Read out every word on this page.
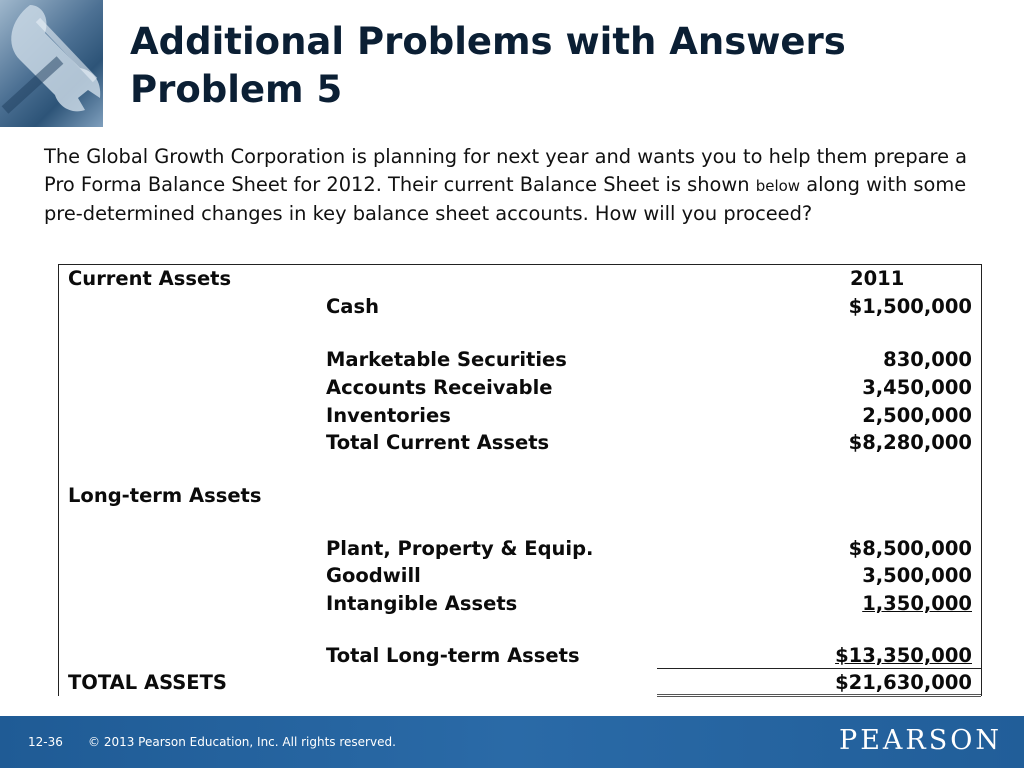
Additional Problems with Answers
Problem 5
The Global Growth Corporation is planning for next year and wants you to help them prepare a Pro Forma Balance Sheet for 2012. Their current Balance Sheet is shown below along with some pre-determined changes in key balance sheet accounts. How will you proceed?
Current Assets	2011
Cash	$1,500,000
Marketable Securities	830,000
Accounts Receivable	3,450,000
Inventories	2,500,000
Total Current Assets	$8,280,000
Long-term Assets
Plant, Property & Equip.	$8,500,000
Goodwill	3,500,000
Intangible Assets	1,350,000
Total Long-term Assets	$13,350,000
TOTAL ASSETS	$21,630,000
12-36 © 2013 Pearson Education, Inc. All rights reserved.	PEARSON
